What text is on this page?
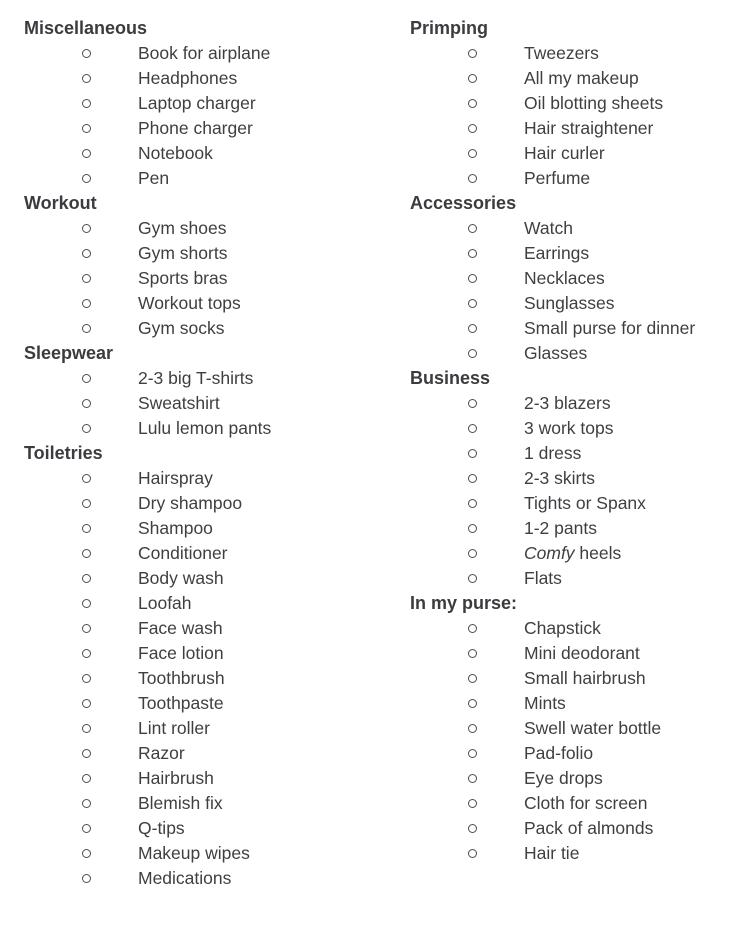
Miscellaneous
Book for airplane
Headphones
Laptop charger
Phone charger
Notebook
Pen
Workout
Gym shoes
Gym shorts
Sports bras
Workout tops
Gym socks
Sleepwear
2-3 big T-shirts
Sweatshirt
Lulu lemon pants
Toiletries
Hairspray
Dry shampoo
Shampoo
Conditioner
Body wash
Loofah
Face wash
Face lotion
Toothbrush
Toothpaste
Lint roller
Razor
Hairbrush
Blemish fix
Q-tips
Makeup wipes
Medications
Primping
Tweezers
All my makeup
Oil blotting sheets
Hair straightener
Hair curler
Perfume
Accessories
Watch
Earrings
Necklaces
Sunglasses
Small purse for dinner
Glasses
Business
2-3 blazers
3 work tops
1 dress
2-3 skirts
Tights or Spanx
1-2 pants
Comfy heels
Flats
In my purse:
Chapstick
Mini deodorant
Small hairbrush
Mints
Swell water bottle
Pad-folio
Eye drops
Cloth for screen
Pack of almonds
Hair tie
